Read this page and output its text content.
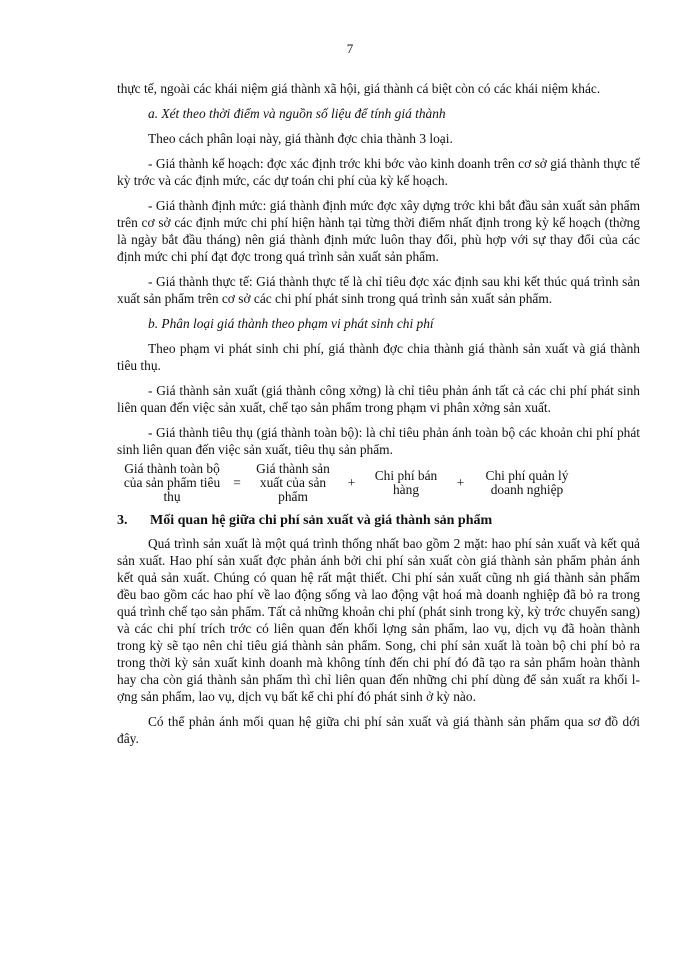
7

thực tế, ngoài các khái niệm giá thành xã hội, giá thành cá biệt còn có các khái niệm khác.

a. Xét theo thời điểm và nguồn số liệu để tính giá thành

Theo cách phân loại này, giá thành đợc chia thành 3 loại.

- Giá thành kế hoạch: đợc xác định trớc khi bớc vào kinh doanh trên cơ sở giá thành thực tế kỳ trớc và các định mức, các dự toán chi phí của kỳ kế hoạch.

- Giá thành định mức: giá thành định mức đợc xây dựng trớc khi bắt đầu sản xuất sản phẩm trên cơ sở các định mức chi phí hiện hành tại từng thời điểm nhất định trong kỳ kế hoạch (thờng là ngày bắt đầu tháng) nên giá thành định mức luôn thay đổi, phù hợp với sự thay đổi của các định mức chi phí đạt đợc trong quá trình sản xuất sản phẩm.

- Giá thành thực tế: Giá thành thực tế là chỉ tiêu đợc xác định sau khi kết thúc quá trình sản xuất sản phẩm trên cơ sở các chi phí phát sinh trong quá trình sản xuất sản phẩm.

b. Phân loại giá thành theo phạm vi phát sinh chi phí

Theo phạm vi phát sinh chi phí, giá thành đợc chia thành giá thành sản xuất và giá thành tiêu thụ.

- Giá thành sản xuất (giá thành công xởng) là chỉ tiêu phản ánh tất cả các chi phí phát sinh liên quan đến việc sản xuất, chế tạo sản phẩm trong phạm vi phân xởng sản xuất.

- Giá thành tiêu thụ (giá thành toàn bộ): là chỉ tiêu phản ánh toàn bộ các khoản chi phí phát sinh liên quan đến việc sản xuất, tiêu thụ sản phẩm.

Giá thành toàn bộ của sản phẩm tiêu thụ
=
Giá thành sản xuất của sản phẩm
+	Chi phí bán hàng	+	Chi phí quản lý doanh nghiệp
3.	Mối quan hệ giữa chi phí sản xuất và giá thành sản phẩm

Quá trình sản xuất là một quá trình thống nhất bao gồm 2 mặt: hao phí sản xuất và kết quả sản xuất. Hao phí sản xuất đợc phản ánh bởi chi phí sản xuất còn giá thành sản phẩm phản ánh kết quả sản xuất. Chúng có quan hệ rất mật thiết. Chi phí sản xuất cũng nh giá thành sản phẩm đều bao gồm các hao phí về lao động sống và lao động vật hoá mà doanh nghiệp đã bỏ ra trong quá trình chế tạo sản phẩm. Tất cả những khoản chi phí (phát sinh trong kỳ, kỳ trớc chuyển sang) và các chi phí trích trớc có liên quan đến khối lợng sản phẩm, lao vụ, dịch vụ đã hoàn thành trong kỳ sẽ tạo nên chỉ tiêu giá thành sản phẩm. Song, chi phí sản xuất là toàn bộ chi phí bỏ ra trong thời kỳ sản xuất kinh doanh mà không tính đến chi phí đó đã tạo ra sản phẩm hoàn thành hay cha còn giá thành sản phẩm thì chỉ liên quan đến những chi phí dùng để sản xuất ra khối lợng sản phẩm, lao vụ, dịch vụ bất kể chi phí đó phát sinh ở kỳ nào.

Có thể phản ánh mối quan hệ giữa chi phí sản xuất và giá thành sản phẩm qua sơ đồ dới đây.
